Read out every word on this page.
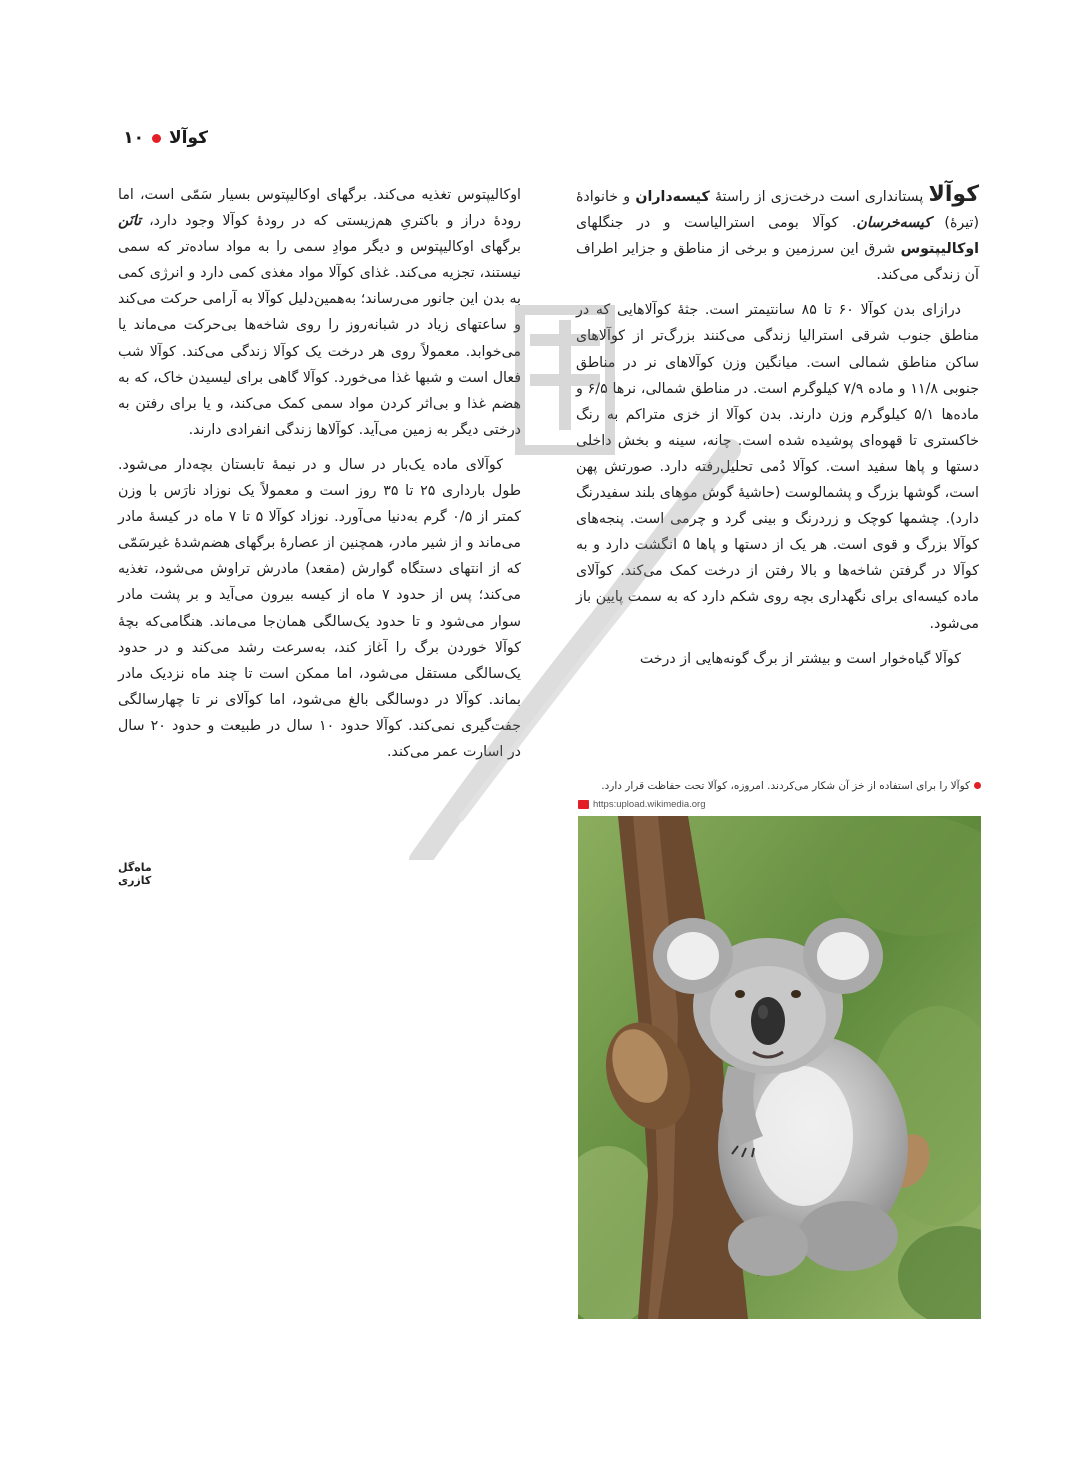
کوآلا
۱۰

کوآلا پستانداری است درخت‌زی از راستهٔ کیسه‌داران و خانوادهٔ (تیرهٔ) کیسه‌خرسان. کوآلا بومی استرالیاست و در جنگلهای اوکالیپتوس شرق این سرزمین و برخی از مناطق و جزایر اطراف آن زندگی می‌کند.

درازای بدن کوآلا ۶۰ تا ۸۵ سانتیمتر است. جثهٔ کوآلاهایی که در مناطق جنوب شرقی استرالیا زندگی می‌کنند بزرگ‌تر از کوآلاهای ساکن مناطق شمالی است. میانگین وزن کوآلاهای نر در مناطق جنوبی ۱۱/۸ و ماده ۷/۹ کیلوگرم است. در مناطق شمالی، نرها ۶/۵ و ماده‌ها ۵/۱ کیلوگرم وزن دارند. بدن کوآلا از خزی متراکم به رنگ خاکستری تا قهوه‌ای پوشیده شده است. چانه، سینه و بخش داخلی دستها و پاها سفید است. کوآلا دُمی تحلیل‌رفته دارد. صورتش پهن است، گوشها بزرگ و پشمالوست (حاشیهٔ گوش موهای بلند سفیدرنگ دارد). چشمها کوچک و زردرنگ و بینی گرد و چرمی است. پنجه‌های کوآلا بزرگ و قوی است. هر یک از دستها و پاها ۵ انگشت دارد و به کوآلا در گرفتن شاخه‌ها و بالا رفتن از درخت کمک می‌کند. کوآلای ماده کیسه‌ای برای نگهداری بچه روی شکم دارد که به سمت پایین باز می‌شود.

کوآلا گیاه‌خوار است و بیشتر از برگ گونه‌هایی از درخت

اوکالیپتوس تغذیه می‌کند. برگهای اوکالیپتوس بسیار سَمّی است، اما رودهٔ دراز و باکتریِ هم‌زیستی که در رودهٔ کوآلا وجود دارد، تانَن برگهای اوکالیپتوس و دیگر موادِ سمی را به مواد ساده‌تر که سمی نیستند، تجزیه می‌کند. غذای کوآلا مواد مغذی کمی دارد و انرژی کمی به بدن این جانور می‌رساند؛ به‌همین‌دلیل کوآلا به آرامی حرکت می‌کند و ساعتهای زیاد در شبانه‌روز را روی شاخه‌ها بی‌حرکت می‌ماند یا می‌خوابد. معمولاً روی هر درخت یک کوآلا زندگی می‌کند. کوآلا شب فعال است و شبها غذا می‌خورد. کوآلا گاهی برای لیسیدن خاک، که به هضم غذا و بی‌اثر کردن مواد سمی کمک می‌کند، و یا برای رفتن به درختی دیگر به زمین می‌آید. کوآلاها زندگی انفرادی دارند.

کوآلای ماده یک‌بار در سال و در نیمهٔ تابستان بچه‌دار می‌شود. طول بارداری ۲۵ تا ۳۵ روز است و معمولاً یک نوزاد نارَس با وزن کمتر از ۰/۵ گرم به‌دنیا می‌آورد. نوزاد کوآلا ۵ تا ۷ ماه در کیسهٔ مادر می‌ماند و از شیر مادر، همچنین از عصارهٔ برگهای هضم‌شدهٔ غیرسَمّی که از انتهای دستگاه گوارش (مقعد) مادرش تراوش می‌شود، تغذیه می‌کند؛ پس از حدود ۷ ماه از کیسه بیرون می‌آید و بر پشت مادر سوار می‌شود و تا حدود یک‌سالگی همان‌جا می‌ماند. هنگامی‌که بچهٔ کوآلا خوردن برگ را آغاز کند، به‌سرعت رشد می‌کند و در حدود یک‌سالگی مستقل می‌شود، اما ممکن است تا چند ماه نزدیک مادر بماند. کوآلا در دوسالگی بالغ می‌شود، اما کوآلای نر تا چهارسالگی جفت‌گیری نمی‌کند. کوآلا حدود ۱۰ سال در طبیعت و حدود ۲۰ سال در اسارت عمر می‌کند.

ماه‌گل کازری
کوآلا را برای استفاده از خز آن شکار می‌کردند. امروزه، کوآلا تحت حفاظت قرار دارد.
https:upload.wikimedia.org
